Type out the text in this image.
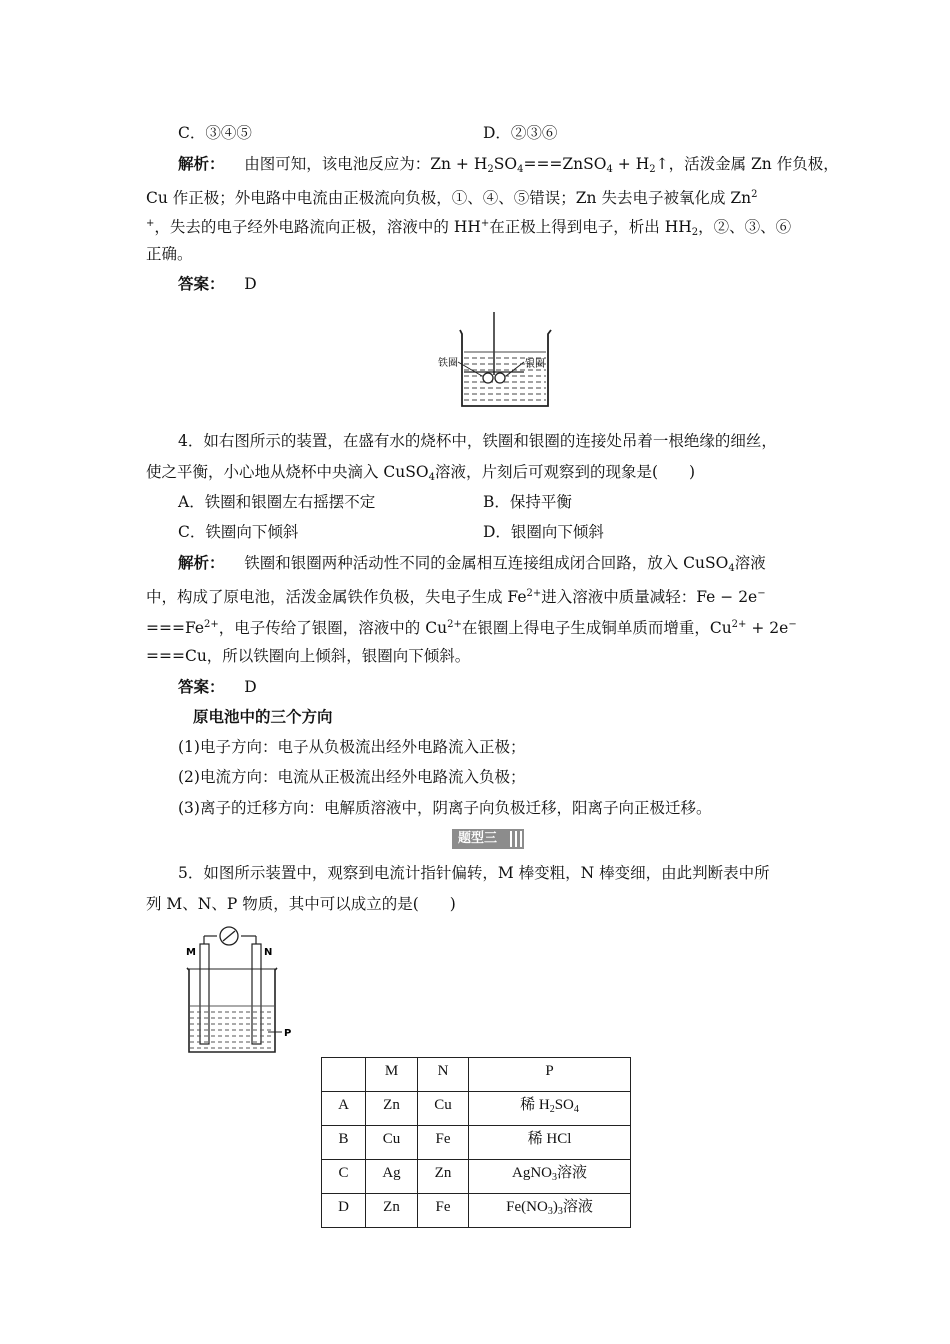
C．③④⑤	D．②③⑥
解析： 由图可知，该电池反应为：$Zn + H_2SO_4===ZnSO_4$ + $H_2↑$，活泼金属 Zn 作负极，
Cu 作正极；外电路中电流由正极流向负极，①、④、⑤错误；Zn 失去电子被氧化成 Zn$^2$
+，失去的电子经外电路流向正极，溶液中的 HH+在正极上得到电子，析出 $HH_2$，②、③、⑥
正确。
答案： D
铁圈	银圈
4．如右图所示的装置，在盛有水的烧杯中，铁圈和银圈的连接处吊着一根绝缘的细丝，
使之平衡，小心地从烧杯中央滴入 CuSO$_4$溶液，片刻后可观察到的现象是(　　)
A．铁圈和银圈左右摇摆不定	B．保持平衡
C．铁圈向下倾斜	D．银圈向下倾斜
解析： 铁圈和银圈两种活动性不同的金属相互连接组成闭合回路，放入 CuSO$_4$溶液
中，构成了原电池，活泼金属铁作负极，失电子生成 $Fe^{2+}$进入溶液中质量减轻：Fe − 2e−
$===Fe^{2+}$，电子传给了银圈，溶液中的 $Cu^{2+}$在银圈上得电子生成铜单质而增重，$Cu^{2+} + 2e^-$
===Cu，所以铁圈向上倾斜，银圈向下倾斜。
答案： D
原电池中的三个方向
(1)电子方向：电子从负极流出经外电路流入正极；
(2)电流方向：电流从正极流出经外电路流入负极；
(3)离子的迁移方向：电解质溶液中，阴离子向负极迁移，阳离子向正极迁移。
题型三
5．如图所示装置中，观察到电流计指针偏转，M 棒变粗，N 棒变细，由此判断表中所
列 M、N、P 物质，其中可以成立的是(　　)
M	N
P
	M	N	P
A	Zn	Cu	稀 $H_2SO_4$
B	Cu	Fe	稀 HCl
C	Ag	Zn	AgNO$_3$溶液
D	Zn	Fe	$Fe(NO_3)_3$溶液
